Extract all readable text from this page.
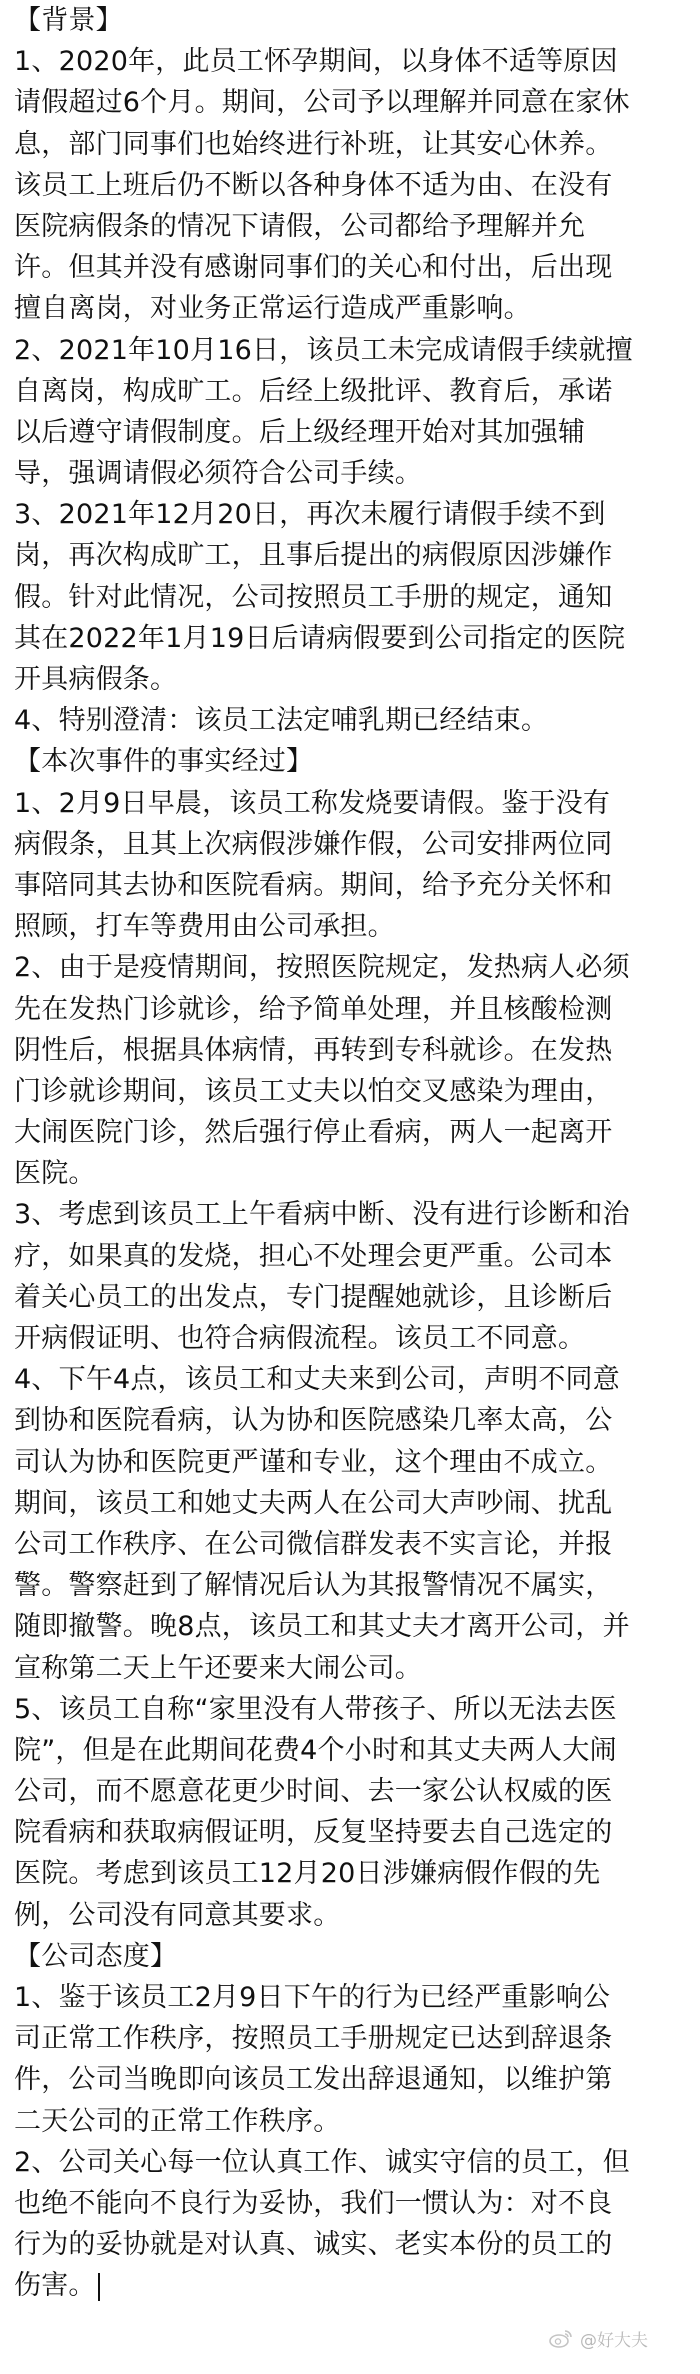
【背景】
1、2020年，此员工怀孕期间，以身体不适等原因
请假超过6个月。期间，公司予以理解并同意在家休
息，部门同事们也始终进行补班，让其安心休养。
该员工上班后仍不断以各种身体不适为由、在没有
医院病假条的情况下请假，公司都给予理解并允
许。但其并没有感谢同事们的关心和付出，后出现
擅自离岗，对业务正常运行造成严重影响。
2、2021年10月16日，该员工未完成请假手续就擅
自离岗，构成旷工。后经上级批评、教育后，承诺
以后遵守请假制度。后上级经理开始对其加强辅
导，强调请假必须符合公司手续。
3、2021年12月20日，再次未履行请假手续不到
岗，再次构成旷工，且事后提出的病假原因涉嫌作
假。针对此情况，公司按照员工手册的规定，通知
其在2022年1月19日后请病假要到公司指定的医院
开具病假条。
4、特别澄清：该员工法定哺乳期已经结束。
【本次事件的事实经过】
1、2月9日早晨，该员工称发烧要请假。鉴于没有
病假条，且其上次病假涉嫌作假，公司安排两位同
事陪同其去协和医院看病。期间，给予充分关怀和
照顾，打车等费用由公司承担。
2、由于是疫情期间，按照医院规定，发热病人必须
先在发热门诊就诊，给予简单处理，并且核酸检测
阴性后，根据具体病情，再转到专科就诊。在发热
门诊就诊期间，该员工丈夫以怕交叉感染为理由，
大闹医院门诊，然后强行停止看病，两人一起离开
医院。
3、考虑到该员工上午看病中断、没有进行诊断和治
疗，如果真的发烧，担心不处理会更严重。公司本
着关心员工的出发点，专门提醒她就诊，且诊断后
开病假证明、也符合病假流程。该员工不同意。
4、下午4点，该员工和丈夫来到公司，声明不同意
到协和医院看病，认为协和医院感染几率太高，公
司认为协和医院更严谨和专业，这个理由不成立。
期间，该员工和她丈夫两人在公司大声吵闹、扰乱
公司工作秩序、在公司微信群发表不实言论，并报
警。警察赶到了解情况后认为其报警情况不属实，
随即撤警。晚8点，该员工和其丈夫才离开公司，并
宣称第二天上午还要来大闹公司。
5、该员工自称“家里没有人带孩子、所以无法去医
院”，但是在此期间花费4个小时和其丈夫两人大闹
公司，而不愿意花更少时间、去一家公认权威的医
院看病和获取病假证明，反复坚持要去自己选定的
医院。考虑到该员工12月20日涉嫌病假作假的先
例，公司没有同意其要求。
【公司态度】
1、鉴于该员工2月9日下午的行为已经严重影响公
司正常工作秩序，按照员工手册规定已达到辞退条
件，公司当晚即向该员工发出辞退通知，以维护第
二天公司的正常工作秩序。
2、公司关心每一位认真工作、诚实守信的员工，但
也绝不能向不良行为妥协，我们一惯认为：对不良
行为的妥协就是对认真、诚实、老实本份的员工的
伤害。
@好大夫
